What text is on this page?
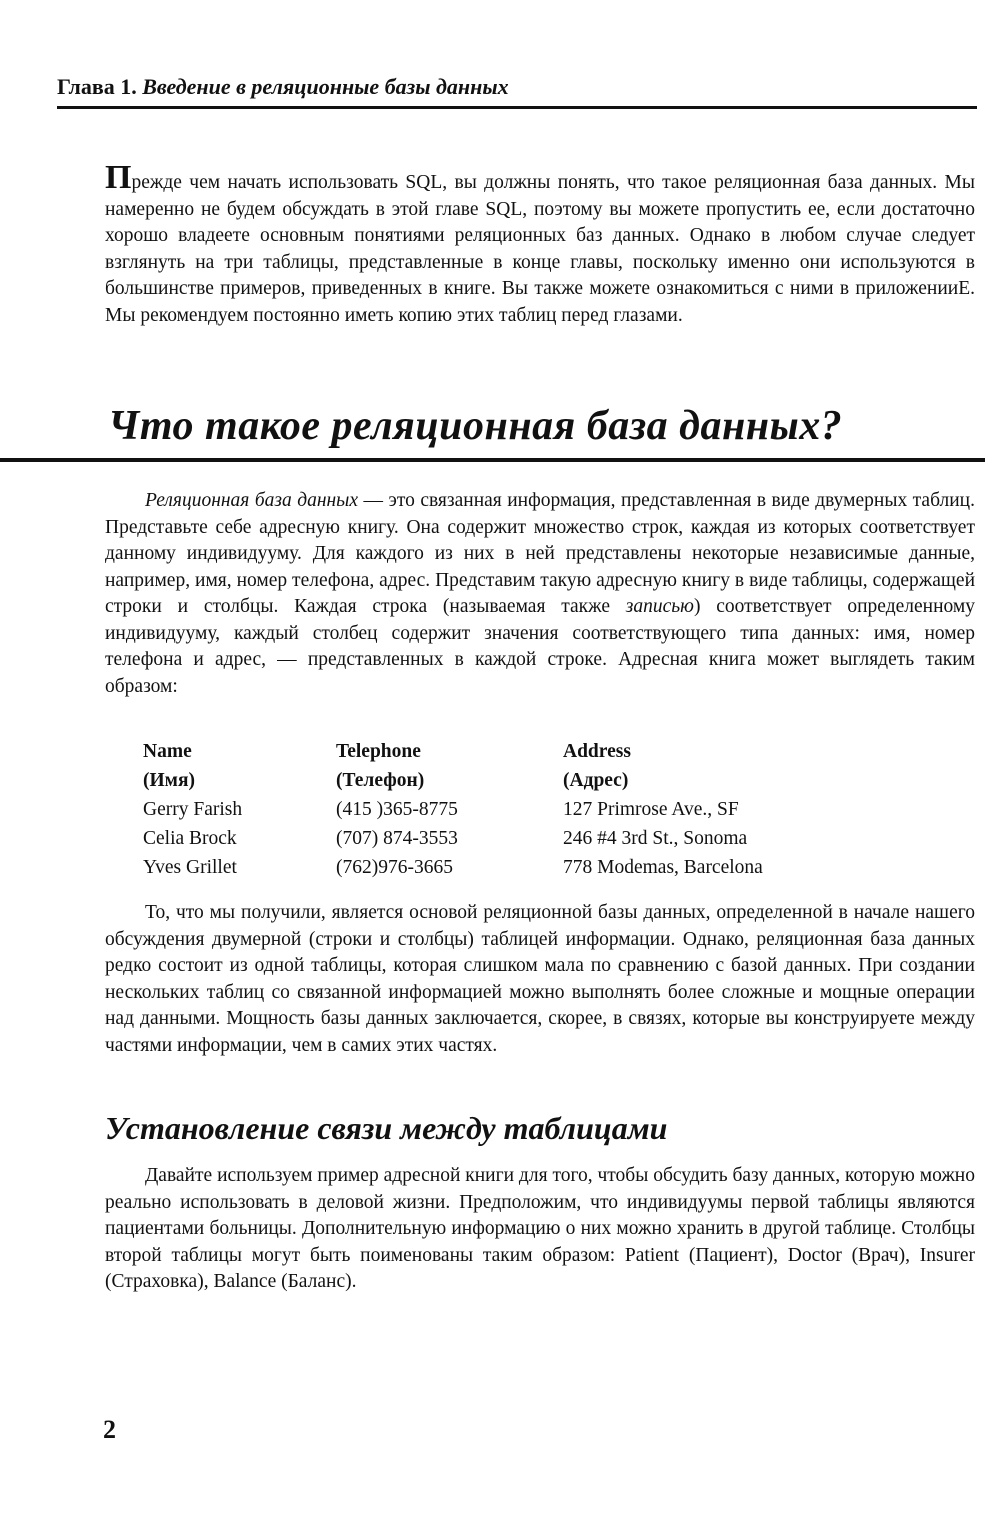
Глава 1. Введение в реляционные базы данных
Прежде чем начать использовать SQL, вы должны понять, что такое реляционная база данных. Мы намеренно не будем обсуждать в этой главе SQL, поэтому вы можете пропустить ее, если достаточно хорошо владеете основным понятиями реляционных баз данных. Однако в любом случае следует взглянуть на три таблицы, представленные в конце главы, поскольку именно они используются в большинстве примеров, приведенных в книге. Вы также можете ознакомиться с ними в приложенииЕ. Мы рекомендуем постоянно иметь копию этих таблиц перед глазами.
Что такое реляционная база данных?
Реляционная база данных — это связанная информация, представленная в виде двумерных таблиц. Представьте себе адресную книгу. Она содержит множество строк, каждая из которых соответствует данному индивидууму. Для каждого из них в ней представлены некоторые независимые данные, например, имя, номер телефона, адрес. Представим такую адресную книгу в виде таблицы, содержащей строки и столбцы. Каждая строка (называемая также записью) соответствует определенному индивидууму, каждый столбец содержит значения соответствующего типа данных: имя, номер телефона и адрес, — представленных в каждой строке. Адресная книга может выглядеть таким образом:
Name	Telephone	Address
(Имя)	(Телефон)	(Адрес)
Gerry Farish	(415 )365-8775	127 Primrose Ave., SF
Celia Brock	(707) 874-3553	246 #4 3rd St., Sonoma
Yves Grillet	(762)976-3665	778 Modemas, Barcelona
То, что мы получили, является основой реляционной базы данных, определенной в начале нашего обсуждения двумерной (строки и столбцы) таблицей информации. Однако, реляционная база данных редко состоит из одной таблицы, которая слишком мала по сравнению с базой данных. При создании нескольких таблиц со связанной информацией можно выполнять более сложные и мощные операции над данными. Мощность базы данных заключается, скорее, в связях, которые вы конструируете между частями информации, чем в самих этих частях.
Установление связи между таблицами
Давайте используем пример адресной книги для того, чтобы обсудить базу данных, которую можно реально использовать в деловой жизни. Предположим, что индивидуумы первой таблицы являются пациентами больницы. Дополнительную информацию о них можно хранить в другой таблице. Столбцы второй таблицы могут быть поименованы таким образом: Patient (Пациент), Doctor (Врач), Insurer (Страховка), Balance (Баланс).
2
